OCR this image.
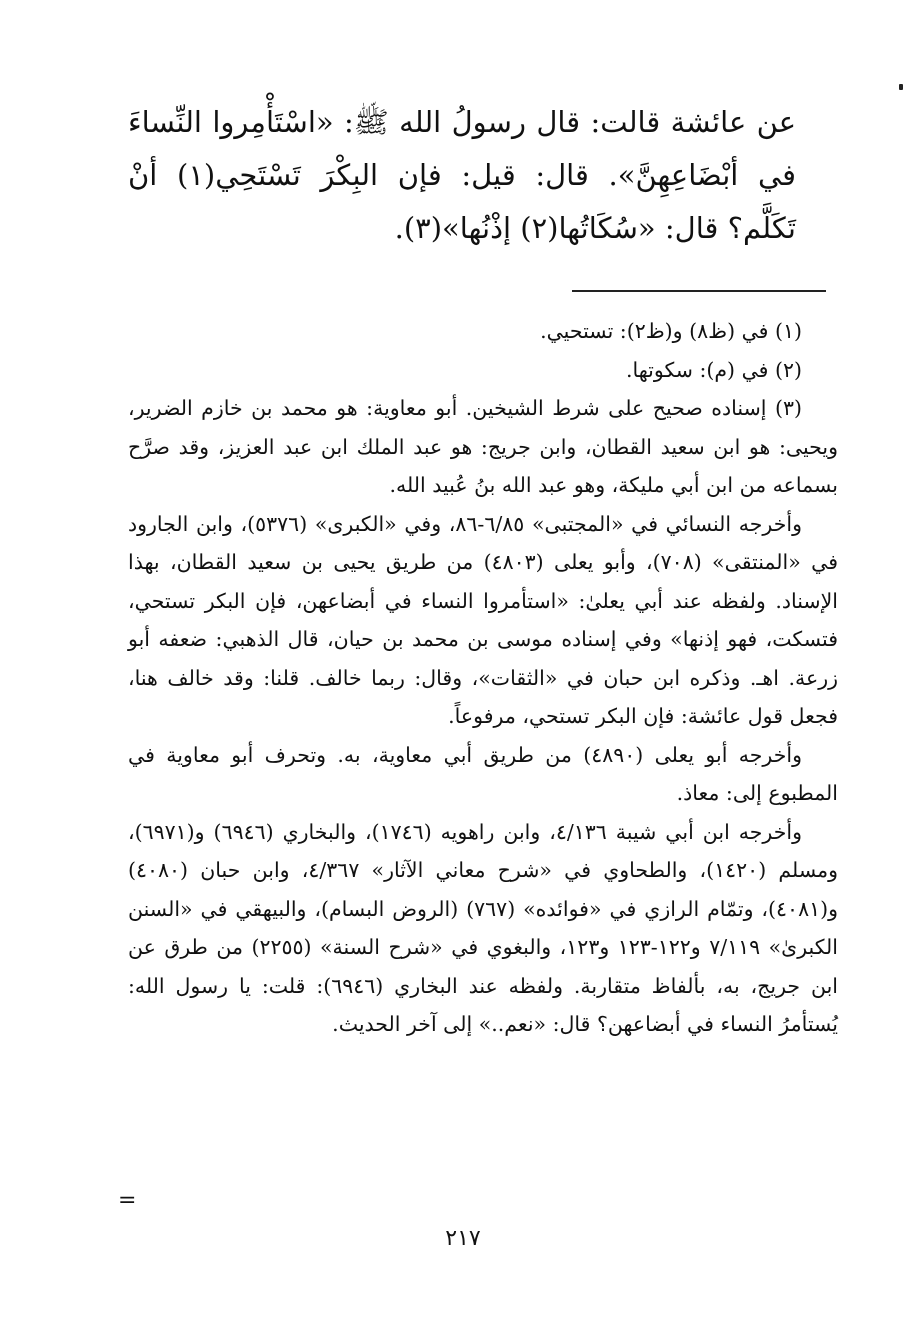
عن عائشة قالت: قال رسولُ الله ﷺ: «اسْتَأْمِروا النِّساءَ في أبْضَاعِهِنَّ». قال: قيل: فإن البِكْرَ تَسْتَحِي(١) أنْ تَكَلَّم؟ قال: «سُكَاتُها(٢) إذْنُها»(٣).

(١) في (ظ٨) و(ظ٢): تستحيي.

(٢) في (م): سكوتها.

(٣) إسناده صحيح على شرط الشيخين. أبو معاوية: هو محمد بن خازم الضرير، ويحيى: هو ابن سعيد القطان، وابن جريج: هو عبد الملك ابن عبد العزيز، وقد صرَّح بسماعه من ابن أبي مليكة، وهو عبد الله بنُ عُبيد الله.

وأخرجه النسائي في «المجتبى» ٦/٨٥-٨٦، وفي «الكبرى» (٥٣٧٦)، وابن الجارود في «المنتقى» (٧٠٨)، وأبو يعلى (٤٨٠٣) من طريق يحيى بن سعيد القطان، بهذا الإسناد. ولفظه عند أبي يعلىٰ: «استأمروا النساء في أبضاعهن، فإن البكر تستحي، فتسكت، فهو إذنها» وفي إسناده موسى بن محمد بن حيان، قال الذهبي: ضعفه أبو زرعة. اهـ. وذكره ابن حبان في «الثقات»، وقال: ربما خالف. قلنا: وقد خالف هنا، فجعل قول عائشة: فإن البكر تستحي، مرفوعاً.

وأخرجه أبو يعلى (٤٨٩٠) من طريق أبي معاوية، به. وتحرف أبو معاوية في المطبوع إلى: معاذ.

وأخرجه ابن أبي شيبة ٤/١٣٦، وابن راهويه (١٧٤٦)، والبخاري (٦٩٤٦) و(٦٩٧١)، ومسلم (١٤٢٠)، والطحاوي في «شرح معاني الآثار» ٤/٣٦٧، وابن حبان (٤٠٨٠) و(٤٠٨١)، وتمّام الرازي في «فوائده» (٧٦٧) (الروض البسام)، والبيهقي في «السنن الكبرىٰ» ٧/١١٩ و١٢٢-١٢٣ و١٢٣، والبغوي في «شرح السنة» (٢٢٥٥) من طرق عن ابن جريج، به، بألفاظ متقاربة. ولفظه عند البخاري (٦٩٤٦): قلت: يا رسول الله: يُستأمرُ النساء في أبضاعهن؟ قال: «نعم..» إلى آخر الحديث.

=
٢١٧
